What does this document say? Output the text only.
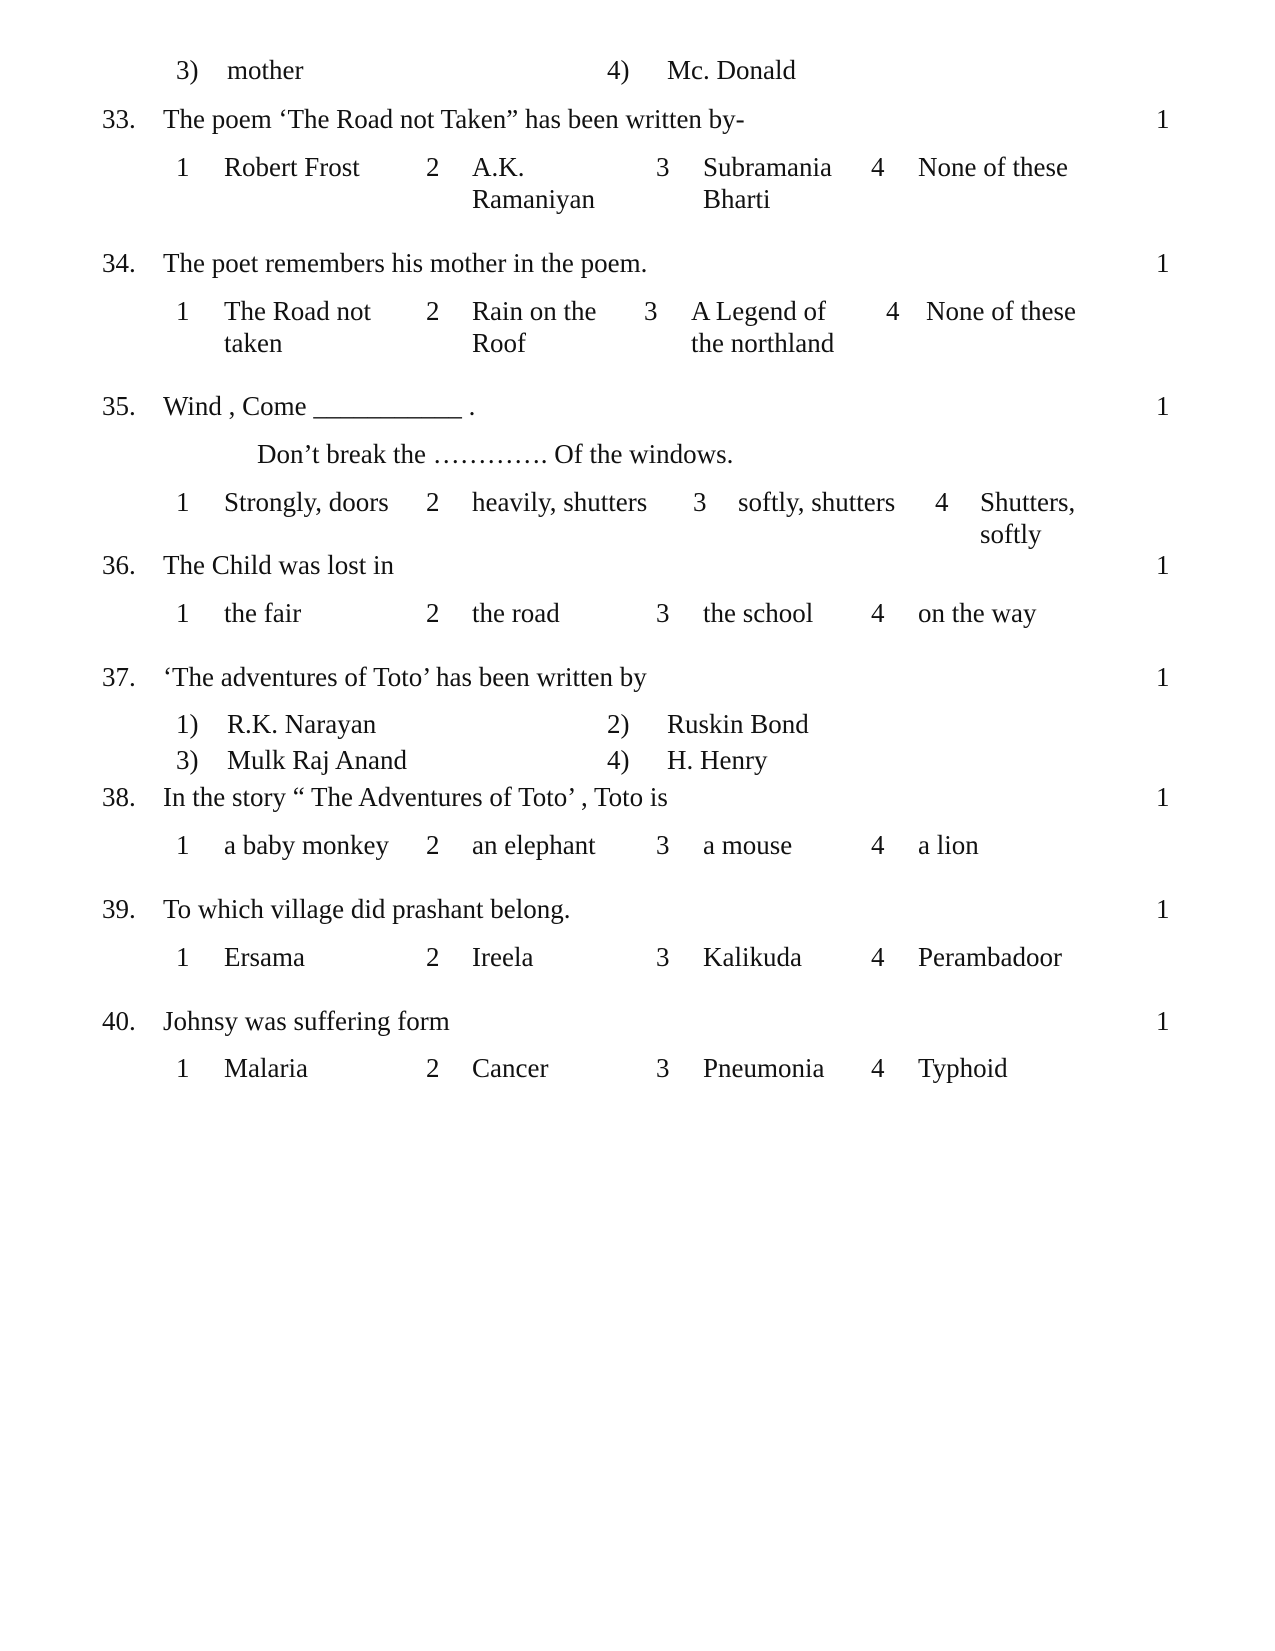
3) mother	4) Mc. Donald
33. The poem ‘The Road not Taken” has been written by-	1
1 Robert Frost 2 A.K.
Ramaniyan
3 Subramania
Bharti
4 None of these
34. The poet remembers his mother in the poem.	1
1 The Road not
taken
2 Rain on the
Roof
3 A Legend of
the northland
4 None of these
35. Wind , Come ___________ .	1
Don’t break the …………. Of the windows.
1 Strongly, doors 2 heavily, shutters 3 softly, shutters 4 Shutters,
softly
36. The Child was lost in	1
1 the fair	2 the road	3 the school 4 on the way
37. ‘The adventures of Toto’ has been written by	1
1) R.K. Narayan	2) Ruskin Bond
3) Mulk Raj Anand	4) H. Henry
38. In the story “ The Adventures of Toto’ , Toto is	1
1 a baby monkey 2 an elephant 3 a mouse	4 a lion
39. To which village did prashant belong.	1
1 Ersama	2 Ireela	3 Kalikuda	4 Perambadoor
40. Johnsy was suffering form	1
1 Malaria	2 Cancer	3 Pneumonia 4 Typhoid
